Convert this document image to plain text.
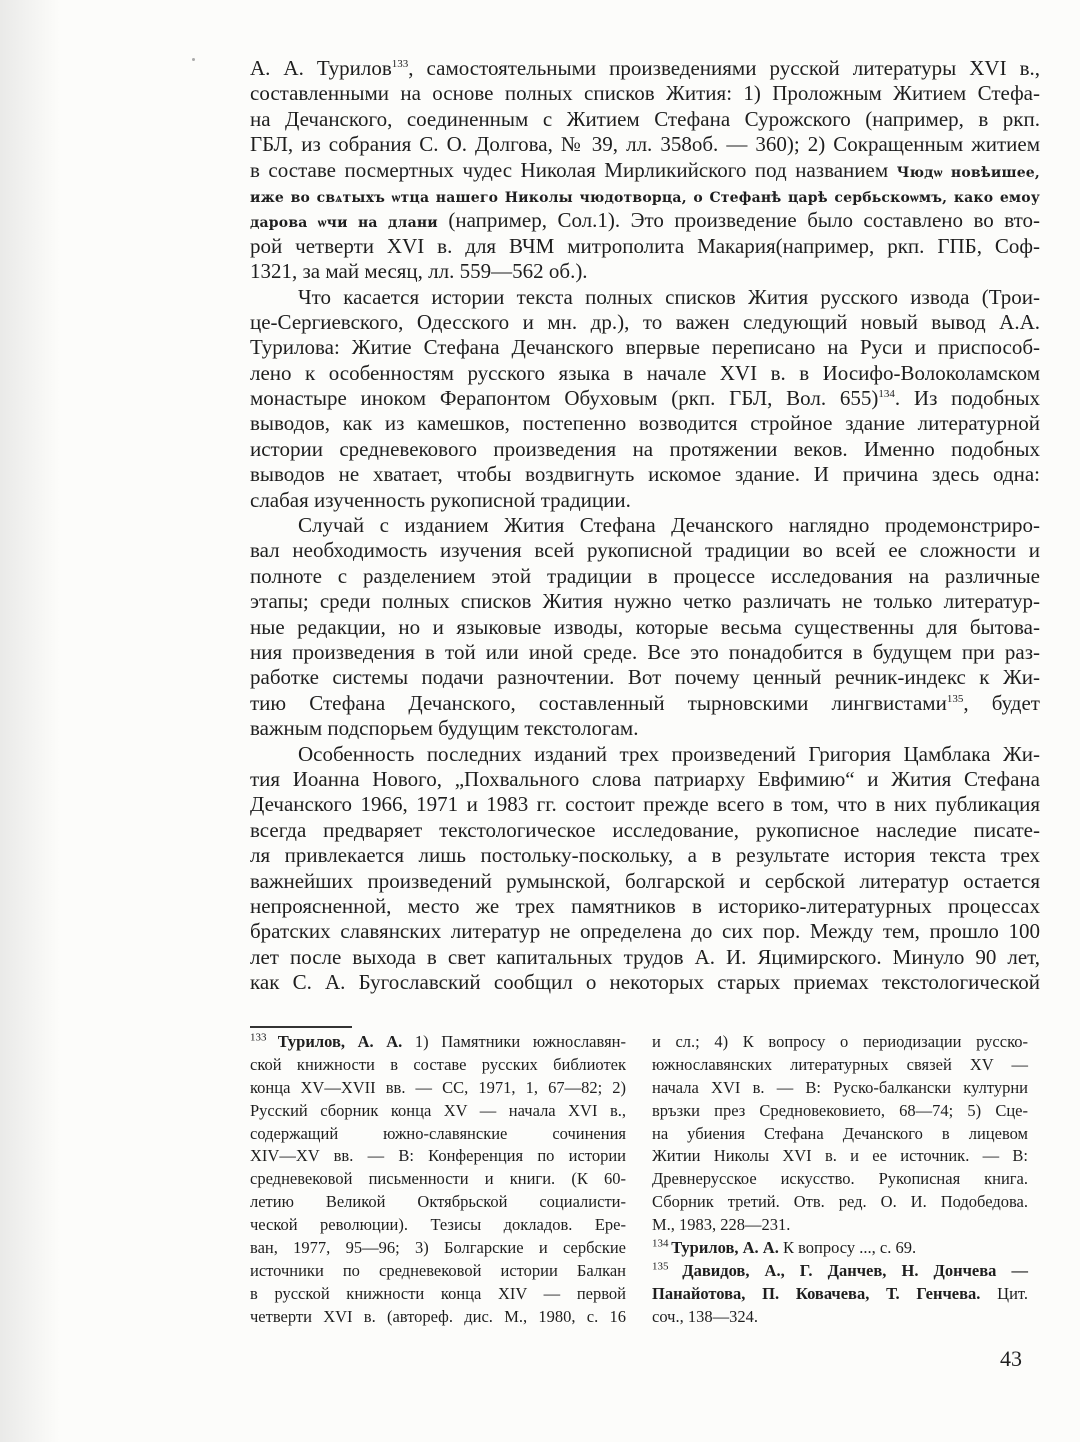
А. А. Турилов$^{133}$, самостоятельными произведениями русской литературы XVI в.,
составленными на основе полных списков Жития: 1) Проложным Житием Стефа-
на Дечанского, соединенным с Житием Стефана Сурожского (например, в ркп.
ГБЛ, из собрания С. О. Долгова, № 39, лл. 358об. — 360); 2) Сокращенным житием
в составе посмертных чудес Николая Мирликийского под названием Чюдѡ новѣишее,
иже во свѧтыхъ ѡтца нашего Николы чюдотворца, о Стефанѣ царѣ сербьскоѡмъ, како емоу
дарова ѡчи на длани (например, Сол.1). Это произведение было составлено во вто-
рой четверти XVI в. для ВЧМ митрополита Макария(например, ркп. ГПБ, Соф-
1321, за май месяц, лл. 559—562 об.).
Что касается истории текста полных списков Жития русского извода (Трои-
це-Сергиевского, Одесского и мн. др.), то важен следующий новый вывод А.А.
Турилова: Житие Стефана Дечанского впервые переписано на Руси и приспособ-
лено к особенностям русского языка в начале XVI в. в Иосифо-Волоколамском
монастыре иноком Ферапонтом Обуховым (ркп. ГБЛ, Вол. 655)$^{134}$. Из подобных
выводов, как из камешков, постепенно возводится стройное здание литературной
истории средневекового произведения на протяжении веков. Именно подобных
выводов не хватает, чтобы воздвигнуть искомое здание. И причина здесь одна:
слабая изученность рукописной традиции.
Случай с изданием Жития Стефана Дечанского наглядно продемонстриро-
вал необходимость изучения всей рукописной традиции во всей ее сложности и
полноте с разделением этой традиции в процессе исследования на различные
этапы; среди полных списков Жития нужно четко различать не только литератур-
ные редакции, но и языковые изводы, которые весьма существенны для бытова-
ния произведения в той или иной среде. Все это понадобится в будущем при раз-
работке системы подачи разночтении. Вот почему ценный речник-индекс к Жи-
тию Стефана Дечанского, составленный тырновскими лингвистами$^{135}$, будет
важным подспорьем будущим текстологам.
Особенность последних изданий трех произведений Григория Цамблака Жи-
тия Иоанна Нового, „Похвального слова патриарху Евфимию“ и Жития Стефана
Дечанского 1966, 1971 и 1983 гг. состоит прежде всего в том, что в них публикация
всегда предваряет текстологическое исследование, рукописное наследие писате-
ля привлекается лишь постольку-поскольку, а в результате история текста трех
важнейших произведений румынской, болгарской и сербской литератур остается
непроясненной, место же трех памятников в историко-литературных процессах
братских славянских литератур не определена до сих пор. Между тем, прошло 100
лет после выхода в свет капитальных трудов А. И. Яцимирского. Минуло 90 лет,
как С. А. Бугославский сообщил о некоторых старых приемах текстологической
$^{133}$ Турилов, А. А. 1) Памятники южнославян-
ской книжности в составе русских библиотек
конца XV—XVII вв. — СС, 1971, 1, 67—82; 2)
Русский сборник конца XV — начала XVI в.,
содержащий южно-славянские сочинения
XIV—XV вв. — В: Конференция по истории
средневековой письменности и книги. (К 60-
летию Великой Октябрьской социалисти-
ческой революции). Тезисы докладов. Ере-
ван, 1977, 95—96; 3) Болгарские и сербские
источники по средневековой истории Балкан
в русской книжности конца XIV — первой
четверти XVI в. (автореф. дис. М., 1980, с. 16
и сл.; 4) К вопросу о периодизации русско-
южнославянских литературных связей XV —
начала XVI в. — В: Руско-балкански културни
връзки през Средновековието, 68—74; 5) Сце-
на убиения Стефана Дечанского в лицевом
Житии Николы XVI в. и ее источник. — В:
Древнерусское искусство. Рукописная книга.
Сборник третий. Отв. ред. О. И. Подобедова.
М., 1983, 228—231.
$^{134}$ Турилов, А. А. К вопросу ..., с. 69.
$^{135}$ Давидов, А., Г. Данчев, Н. Дончева —
Панайотова, П. Ковачева, Т. Генчева. Цит.
соч., 138—324.
43
